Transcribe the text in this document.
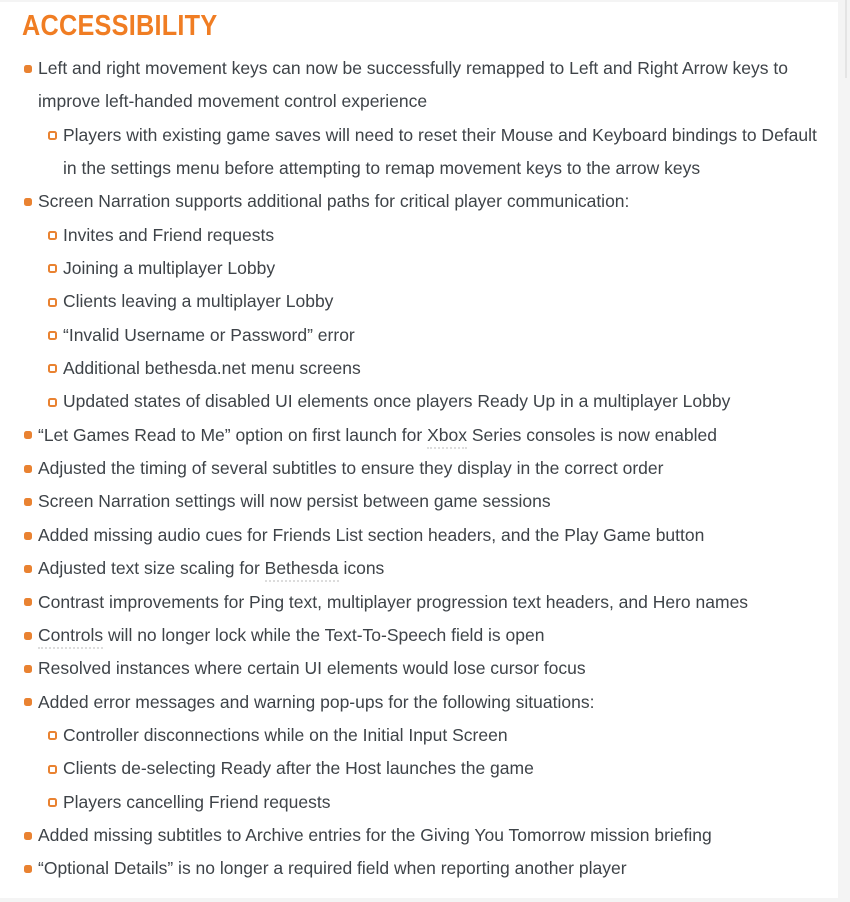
ACCESSIBILITY
Left and right movement keys can now be successfully remapped to Left and Right Arrow keys to improve left-handed movement control experience
Players with existing game saves will need to reset their Mouse and Keyboard bindings to Default in the settings menu before attempting to remap movement keys to the arrow keys
Screen Narration supports additional paths for critical player communication:
Invites and Friend requests
Joining a multiplayer Lobby
Clients leaving a multiplayer Lobby
“Invalid Username or Password” error
Additional bethesda.net menu screens
Updated states of disabled UI elements once players Ready Up in a multiplayer Lobby
“Let Games Read to Me” option on first launch for Xbox Series consoles is now enabled
Adjusted the timing of several subtitles to ensure they display in the correct order
Screen Narration settings will now persist between game sessions
Added missing audio cues for Friends List section headers, and the Play Game button
Adjusted text size scaling for Bethesda icons
Contrast improvements for Ping text, multiplayer progression text headers, and Hero names
Controls will no longer lock while the Text-To-Speech field is open
Resolved instances where certain UI elements would lose cursor focus
Added error messages and warning pop-ups for the following situations:
Controller disconnections while on the Initial Input Screen
Clients de-selecting Ready after the Host launches the game
Players cancelling Friend requests
Added missing subtitles to Archive entries for the Giving You Tomorrow mission briefing
“Optional Details” is no longer a required field when reporting another player
